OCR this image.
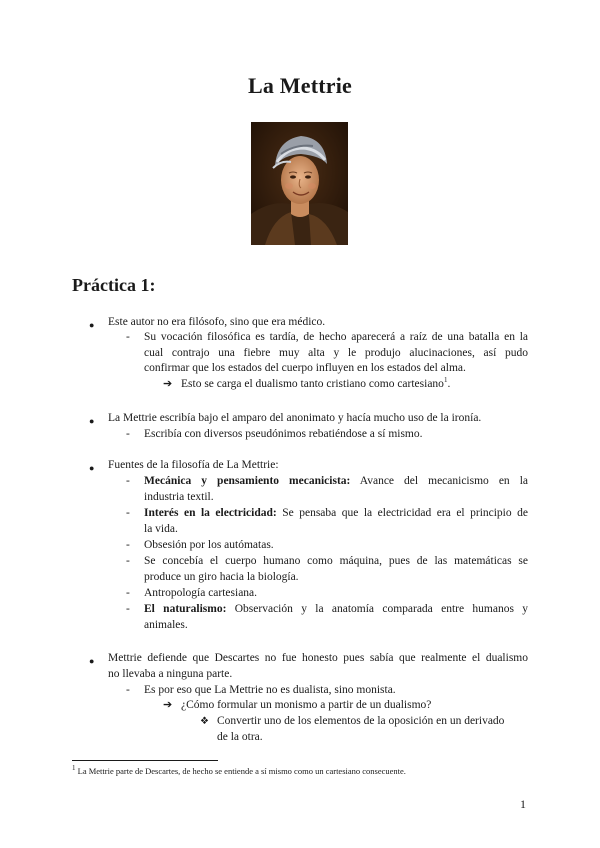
La Mettrie
Práctica 1:
● Este autor no era filósofo, sino que era médico.
- Su vocación filosófica es tardía, de hecho aparecerá a raíz de una batalla en la
cual contrajo una fiebre muy alta y le produjo alucinaciones, así pudo
confirmar que los estados del cuerpo influyen en los estados del alma.
➔ Esto se carga el dualismo tanto cristiano como cartesiano$^1$.
● La Mettrie escribía bajo el amparo del anonimato y hacía mucho uso de la ironía.
- Escribía con diversos pseudónimos rebatiéndose a sí mismo.
● Fuentes de la filosofía de La Mettrie:
- Mecánica y pensamiento mecanicista: Avance del mecanicismo en la
industria textil.
- Interés en la electricidad: Se pensaba que la electricidad era el principio de
la vida.
- Obsesión por los autómatas.
- Se concebía el cuerpo humano como máquina, pues de las matemáticas se
produce un giro hacia la biología.
- Antropología cartesiana.
- El naturalismo: Observación y la anatomía comparada entre humanos y
animales.
● Mettrie defiende que Descartes no fue honesto pues sabía que realmente el dualismo
no llevaba a ninguna parte.
- Es por eso que La Mettrie no es dualista, sino monista.
➔ ¿Cómo formular un monismo a partir de un dualismo?
❖ Convertir uno de los elementos de la oposición en un derivado
de la otra.
$^1$ La Mettrie parte de Descartes, de hecho se entiende a sí mismo como un cartesiano consecuente.
1
